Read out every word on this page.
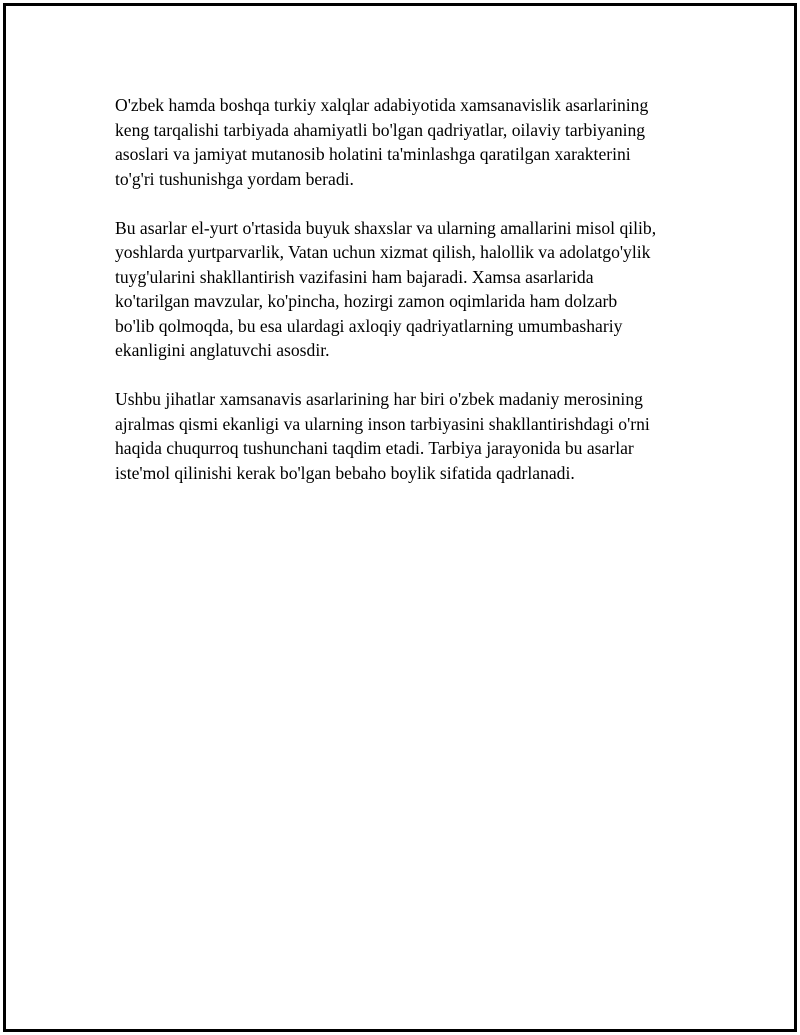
O'zbek hamda boshqa turkiy xalqlar adabiyotida xamsanavislik asarlarining
keng tarqalishi tarbiyada ahamiyatli bo'lgan qadriyatlar, oilaviy tarbiyaning
asoslari va jamiyat mutanosib holatini ta'minlashga qaratilgan xarakterini
to'g'ri tushunishga yordam beradi.

Bu asarlar el-yurt o'rtasida buyuk shaxslar va ularning amallarini misol qilib,
yoshlarda yurtparvarlik, Vatan uchun xizmat qilish, halollik va adolatgo'ylik
tuyg'ularini shakllantirish vazifasini ham bajaradi. Xamsa asarlarida
ko'tarilgan mavzular, ko'pincha, hozirgi zamon oqimlarida ham dolzarb
bo'lib qolmoqda, bu esa ulardagi axloqiy qadriyatlarning umumbashariy
ekanligini anglatuvchi asosdir.

Ushbu jihatlar xamsanavis asarlarining har biri o'zbek madaniy merosining
ajralmas qismi ekanligi va ularning inson tarbiyasini shakllantirishdagi o'rni
haqida chuqurroq tushunchani taqdim etadi. Tarbiya jarayonida bu asarlar
iste'mol qilinishi kerak bo'lgan bebaho boylik sifatida qadrlanadi.
